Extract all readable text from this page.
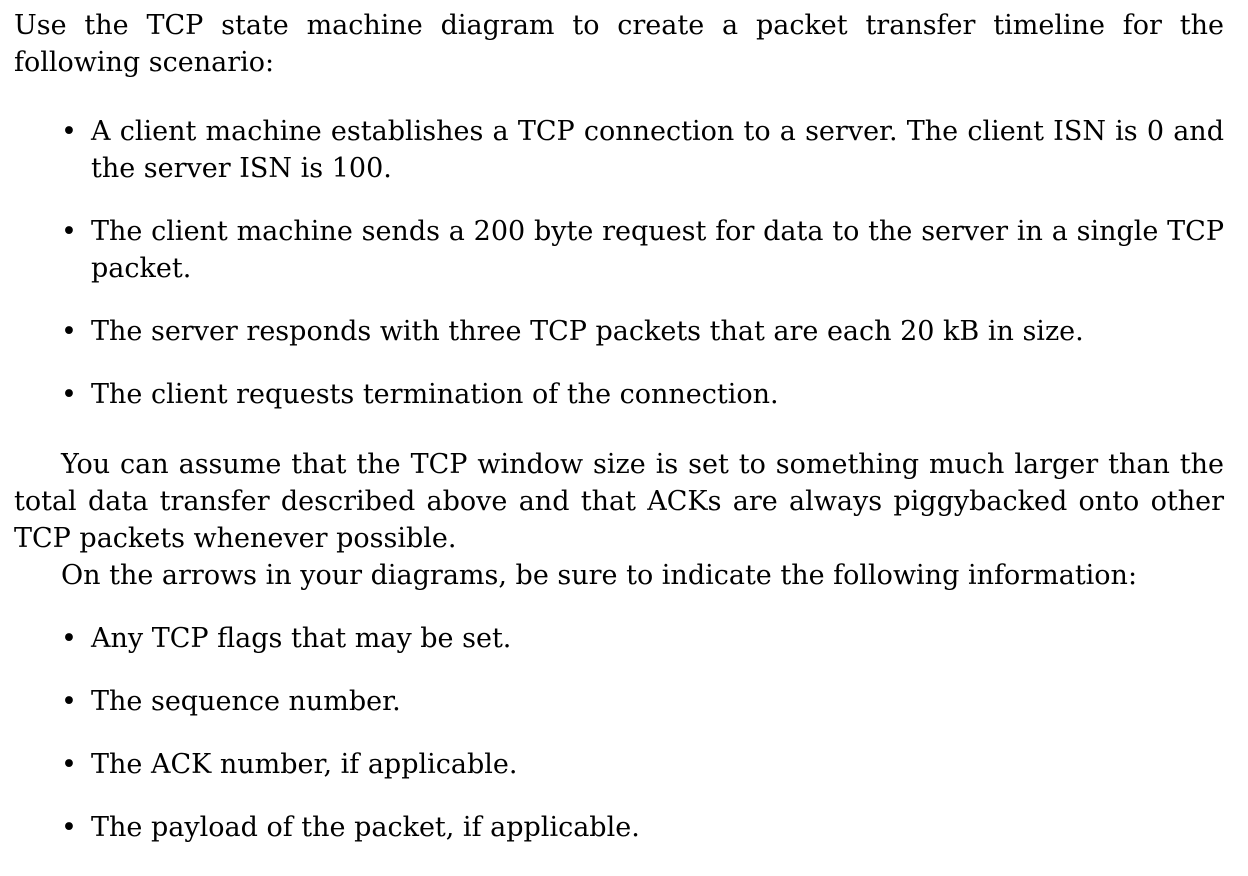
Use the TCP state machine diagram to create a packet transfer timeline for the following scenario:

• A client machine establishes a TCP connection to a server. The client ISN is 0 and the server ISN is 100.
• The client machine sends a 200 byte request for data to the server in a single TCP packet.
• The server responds with three TCP packets that are each 20 kB in size.
• The client requests termination of the connection.

You can assume that the TCP window size is set to something much larger than the total data transfer described above and that ACKs are always piggybacked onto other TCP packets whenever possible.

On the arrows in your diagrams, be sure to indicate the following information:

• Any TCP flags that may be set.
• The sequence number.
• The ACK number, if applicable.
• The payload of the packet, if applicable.
